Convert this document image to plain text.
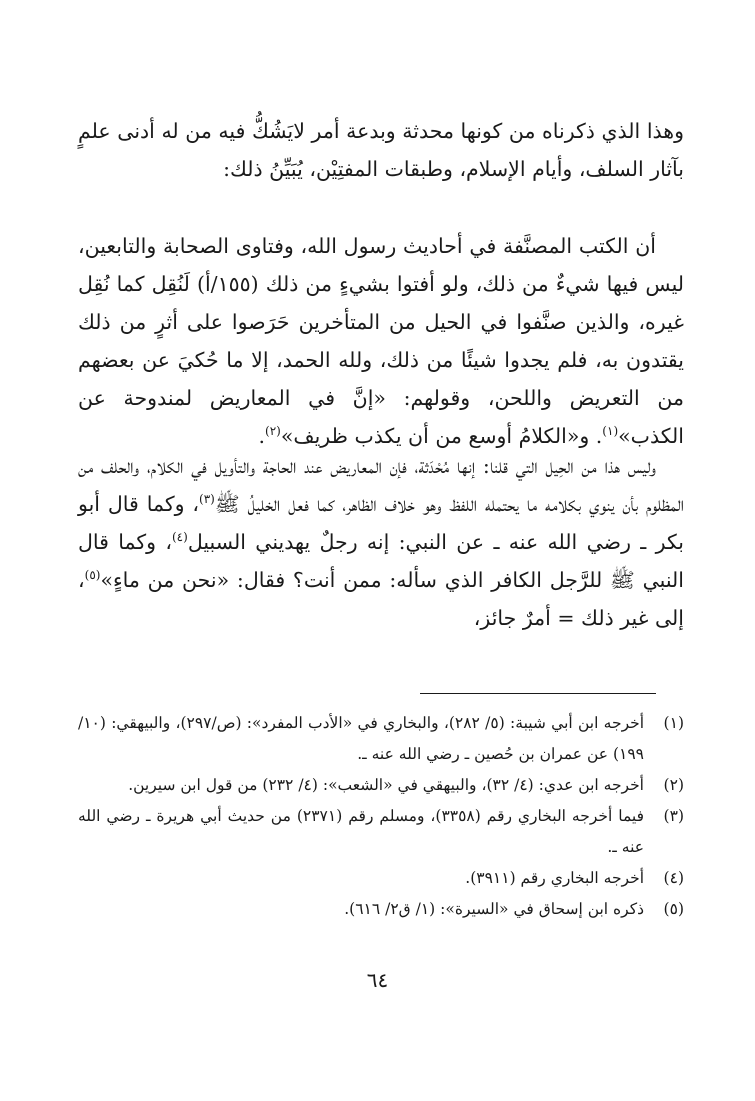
وهذا الذي ذكرناه من كونها محدثة وبدعة أمر لايَشُكُّ فيه من له أدنى علمٍ بآثار السلف، وأيام الإسلام، وطبقات المفتِيْن، يُبَيِّنُ ذلك:

أن الكتب المصنَّفة في أحاديث رسول الله، وفتاوى الصحابة والتابعين، ليس فيها شيءٌ من ذلك، ولو أفتوا بشيءٍ من ذلك (١٥٥/أ) لَنُقِل كما نُقِل غيره، والذين صنَّفوا في الحيل من المتأخرين حَرَصوا على أثرٍ من ذلك يقتدون به، فلم يجدوا شيئًا من ذلك، ولله الحمد، إلا ما حُكيَ عن بعضهم من التعريض واللحن، وقولهم: «إنَّ في المعاريض لمندوحة عن الكذب»$^{(١)}$. و«الكلامُ أوسع من أن يكذب ظريف»$^{(٢)}$.

وليس هذا من الحِيل التي قلنا: إنها مُحْدَثة، فإن المعاريض عند الحاجة والتأويل في الكلام، والحلف من المظلوم بأن ينوي بكلامه ما يحتمله اللفظ وهو خلاف الظاهر، كما فعل الخليلُ ﷺ$^{(٣)}$، وكما قال أبو بكر ـ رضي الله عنه ـ عن النبي: إنه رجلٌ يهديني السبيل$^{(٤)}$، وكما قال النبي ﷺ للرَّجل الكافر الذي سأله: ممن أنت؟ فقال: «نحن من ماءٍ»$^{(٥)}$، إلى غير ذلك = أمرٌ جائز،

(١)
أخرجه ابن أبي شيبة: (٥/ ٢٨٢)، والبخاري في «الأدب المفرد»: (ص/٢٩٧)، والبيهقي: (١٠/ ١٩٩) عن عمران بن حُصين ـ رضي الله عنه ـ.
(٢)
أخرجه ابن عدي: (٤/ ٣٢)، والبيهقي في «الشعب»: (٤/ ٢٣٢) من قول ابن سيرين.
(٣)
فيما أخرجه البخاري رقم (٣٣٥٨)، ومسلم رقم (٢٣٧١) من حديث أبي هريرة ـ رضي الله عنه ـ.
(٤)
أخرجه البخاري رقم (٣٩١١).
(٥)
ذكره ابن إسحاق في «السيرة»: (١/ ق٢/ ٦١٦).
٦٤
